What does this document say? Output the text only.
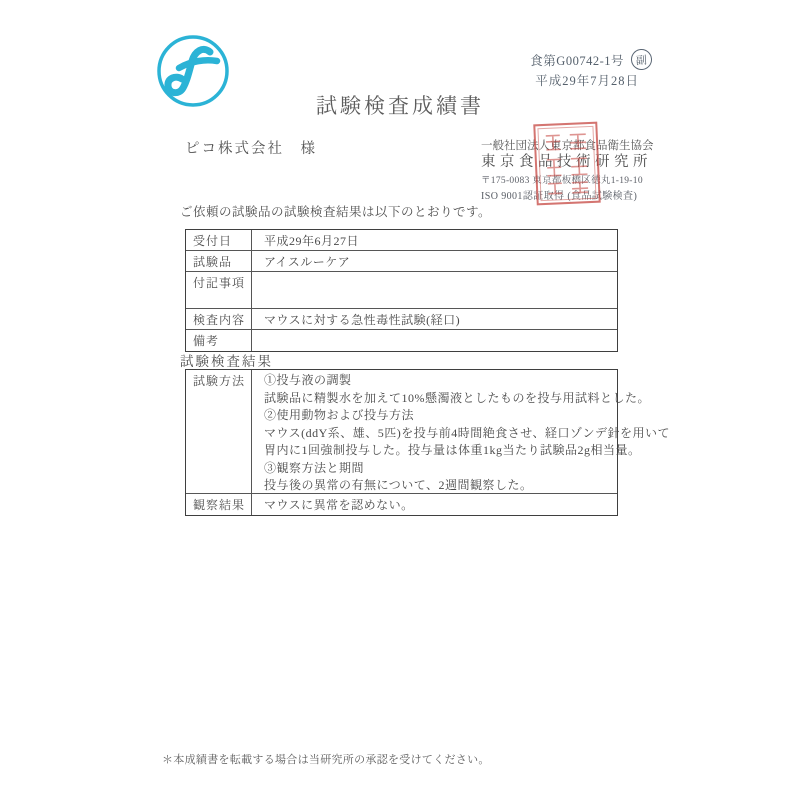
食第G00742-1号	副
平成29年7月28日
試験検査成績書
ピコ株式会社　様	一般社団法人東京都食品衛生協会
東京食品技術研究所
〒175-0083 東京都板橋区徳丸1-19-10
ISO 9001認証取得 (食品試験検査)
ご依頼の試験品の試験検査結果は以下のとおりです。
受付日	平成29年6月27日
試験品	アイスルーケア
付記事項
検査内容	マウスに対する急性毒性試験(経口)
備考
試験検査結果
試験方法	①投与液の調製
試験品に精製水を加えて10%懸濁液としたものを投与用試料とした。
②使用動物および投与方法
マウス(ddY系、雄、5匹)を投与前4時間絶食させ、経口ゾンデ針を用いて
胃内に1回強制投与した。投与量は体重1kg当たり試験品2g相当量。
③観察方法と期間
投与後の異常の有無について、2週間観察した。
観察結果	マウスに異常を認めない。
＊本成績書を転載する場合は当研究所の承認を受けてください。
